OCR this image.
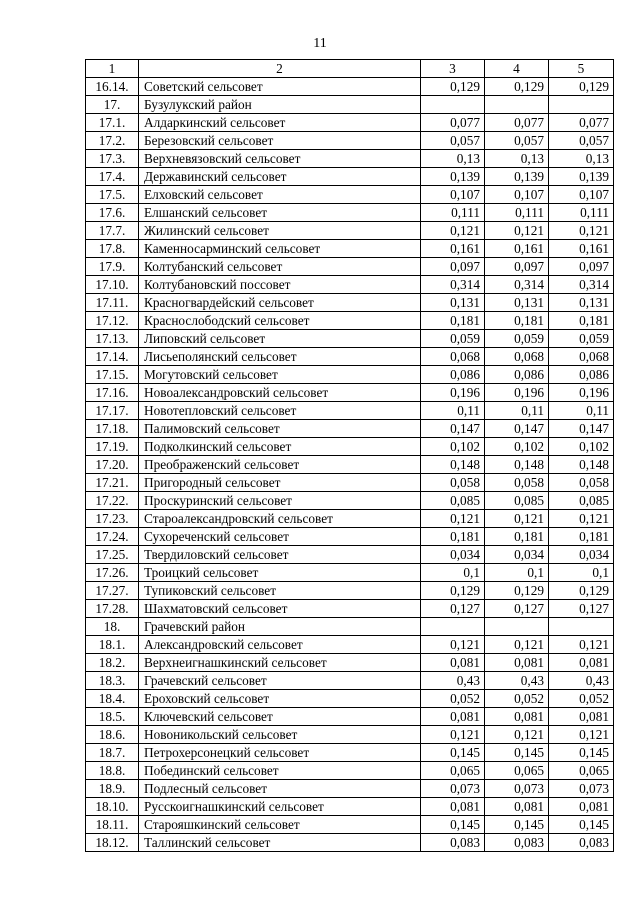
11
1	2	3	4	5
16.14.	Советский сельсовет	0,129	0,129	0,129
17.	Бузулукский район			
17.1.	Алдаркинский сельсовет	0,077	0,077	0,077
17.2.	Березовский сельсовет	0,057	0,057	0,057
17.3.	Верхневязовский сельсовет	0,13	0,13	0,13
17.4.	Державинский сельсовет	0,139	0,139	0,139
17.5.	Елховский сельсовет	0,107	0,107	0,107
17.6.	Елшанский сельсовет	0,111	0,111	0,111
17.7.	Жилинский сельсовет	0,121	0,121	0,121
17.8.	Каменносарминский сельсовет	0,161	0,161	0,161
17.9.	Колтубанский сельсовет	0,097	0,097	0,097
17.10.	Колтубановский поссовет	0,314	0,314	0,314
17.11.	Красногвардейский сельсовет	0,131	0,131	0,131
17.12.	Краснослободский сельсовет	0,181	0,181	0,181
17.13.	Липовский сельсовет	0,059	0,059	0,059
17.14.	Лисьеполянский сельсовет	0,068	0,068	0,068
17.15.	Могутовский сельсовет	0,086	0,086	0,086
17.16.	Новоалександровский сельсовет	0,196	0,196	0,196
17.17.	Новотепловский сельсовет	0,11	0,11	0,11
17.18.	Палимовский сельсовет	0,147	0,147	0,147
17.19.	Подколкинский сельсовет	0,102	0,102	0,102
17.20.	Преображенский сельсовет	0,148	0,148	0,148
17.21.	Пригородный сельсовет	0,058	0,058	0,058
17.22.	Проскуринский сельсовет	0,085	0,085	0,085
17.23.	Староалександровский сельсовет	0,121	0,121	0,121
17.24.	Сухоречeнский сельсовет	0,181	0,181	0,181
17.25.	Твердиловский сельсовет	0,034	0,034	0,034
17.26.	Троицкий сельсовет	0,1	0,1	0,1
17.27.	Тупиковский сельсовет	0,129	0,129	0,129
17.28.	Шахматовский сельсовет	0,127	0,127	0,127
18.	Грачевский район			
18.1.	Александровский сельсовет	0,121	0,121	0,121
18.2.	Верхнеигнашкинский сельсовет	0,081	0,081	0,081
18.3.	Грачевский сельсовет	0,43	0,43	0,43
18.4.	Ероховский сельсовет	0,052	0,052	0,052
18.5.	Ключевский сельсовет	0,081	0,081	0,081
18.6.	Новоникольский сельсовет	0,121	0,121	0,121
18.7.	Петрохерсонецкий сельсовет	0,145	0,145	0,145
18.8.	Побединский сельсовет	0,065	0,065	0,065
18.9.	Подлесный сельсовет	0,073	0,073	0,073
18.10.	Русскоигнашкинский сельсовет	0,081	0,081	0,081
18.11.	Старояшкинский сельсовет	0,145	0,145	0,145
18.12.	Таллинский сельсовет	0,083	0,083	0,083
